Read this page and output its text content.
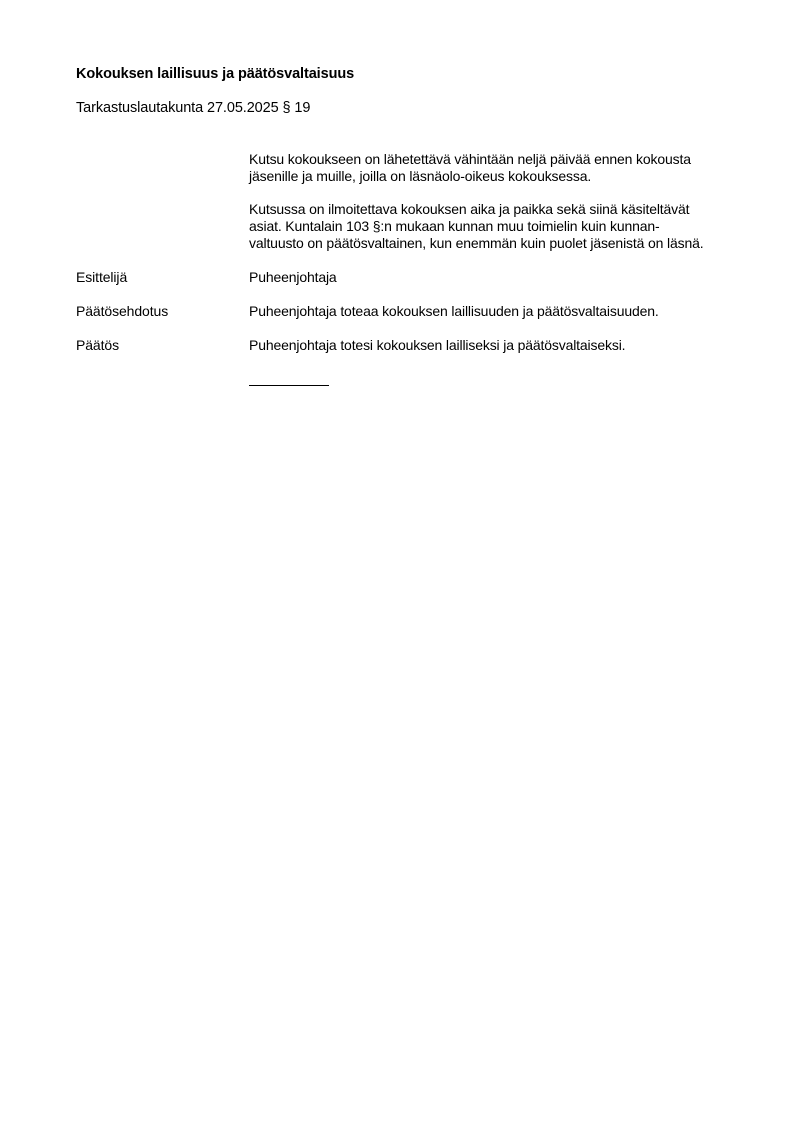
Kokouksen laillisuus ja päätösvaltaisuus
Tarkastuslautakunta 27.05.2025 § 19
Kutsu kokoukseen on lähetettävä vähintään neljä päivää ennen kokousta
jäsenille ja muille, joilla on läsnäolo-oikeus kokouksessa.
Kutsussa on ilmoitettava kokouksen aika ja paikka sekä siinä käsiteltävät
asiat. Kuntalain 103 §:n mukaan kunnan muu toimielin kuin kunnan-
valtuusto on päätösvaltainen, kun enemmän kuin puolet jäsenistä on läsnä.
Esittelijä	Puheenjohtaja
Päätösehdotus	Puheenjohtaja toteaa kokouksen laillisuuden ja päätösvaltaisuuden.
Päätös	Puheenjohtaja totesi kokouksen lailliseksi ja päätösvaltaiseksi.
